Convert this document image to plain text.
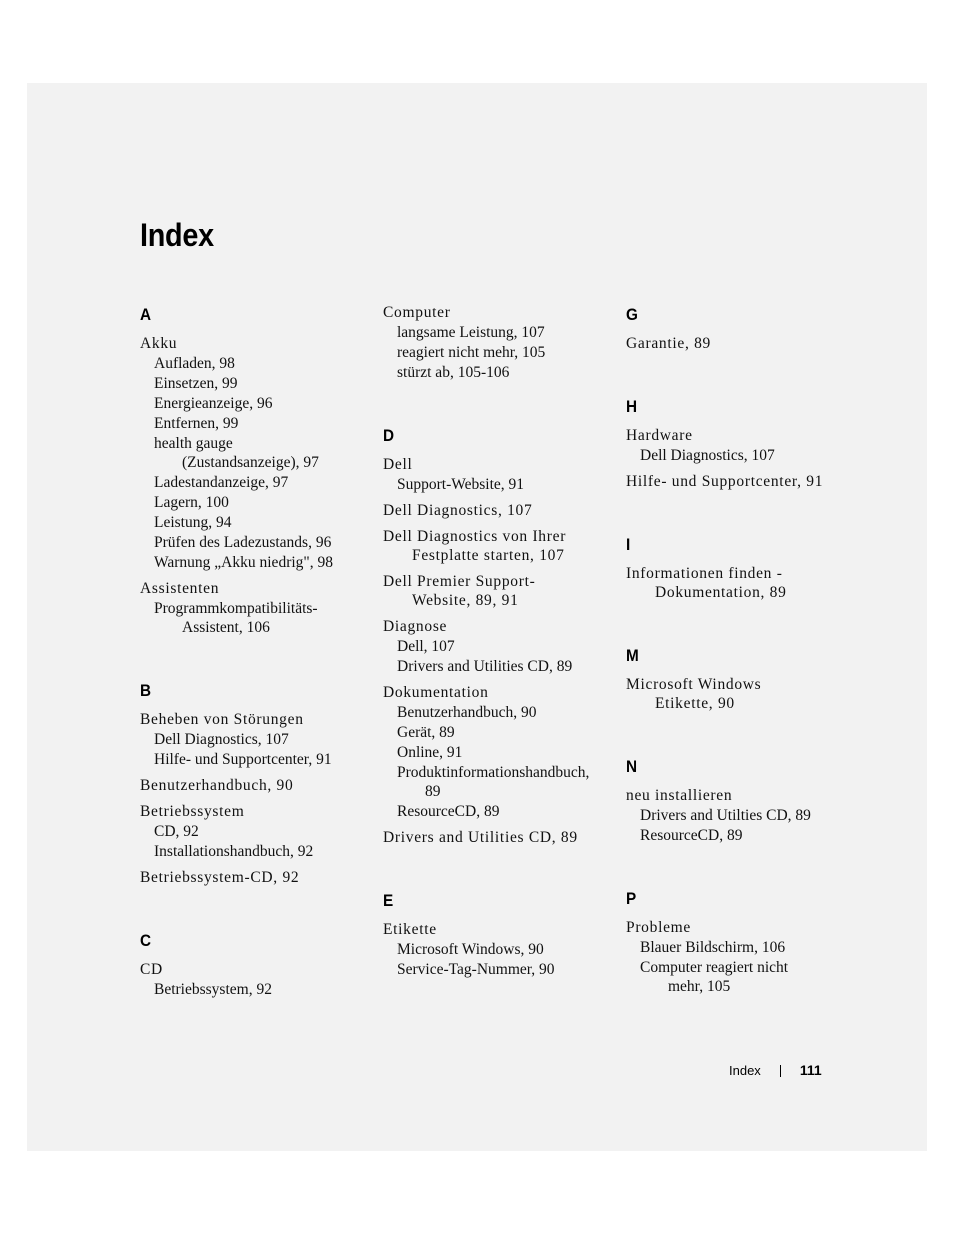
Index
A
Akku
Aufladen, 98
Einsetzen, 99
Energieanzeige, 96
Entfernen, 99
health gauge
(Zustandsanzeige), 97
Ladestandanzeige, 97
Lagern, 100
Leistung, 94
Prüfen des Ladezustands, 96
Warnung „Akku niedrig", 98
Assistenten
Programmkompatibilitäts-
Assistent, 106
B
Beheben von Störungen
Dell Diagnostics, 107
Hilfe- und Supportcenter, 91
Benutzerhandbuch, 90
Betriebssystem
CD, 92
Installationshandbuch, 92
Betriebssystem-CD, 92
C
CD
Betriebssystem, 92
Computer
langsame Leistung, 107
reagiert nicht mehr, 105
stürzt ab, 105-106
D
Dell
Support-Website, 91
Dell Diagnostics, 107
Dell Diagnostics von Ihrer
Festplatte starten, 107
Dell Premier Support-
Website, 89, 91
Diagnose
Dell, 107
Drivers and Utilities CD, 89
Dokumentation
Benutzerhandbuch, 90
Gerät, 89
Online, 91
Produktinformationshandbuch,
89
ResourceCD, 89
Drivers and Utilities CD, 89
E
Etikette
Microsoft Windows, 90
Service-Tag-Nummer, 90
G
Garantie, 89
H
Hardware
Dell Diagnostics, 107
Hilfe- und Supportcenter, 91
I
Informationen finden -
Dokumentation, 89
M
Microsoft Windows
Etikette, 90
N
neu installieren
Drivers and Utilties CD, 89
ResourceCD, 89
P
Probleme
Blauer Bildschirm, 106
Computer reagiert nicht
mehr, 105
Index	111
